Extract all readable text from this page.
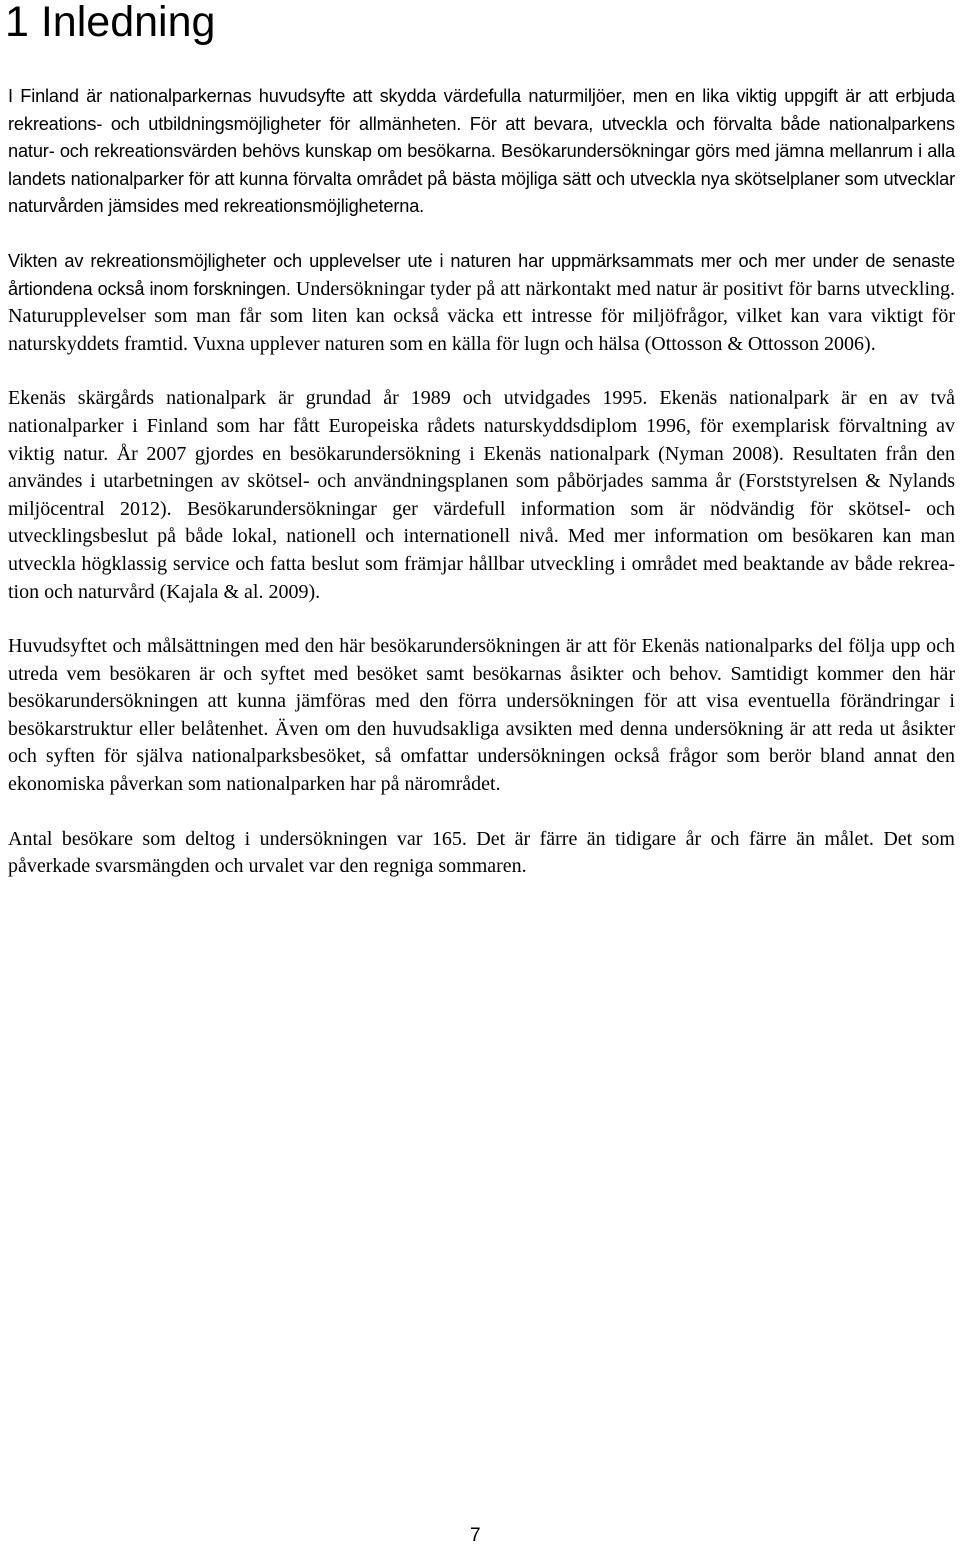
1 Inledning

I Finland är nationalparkernas huvudsyfte att skydda värdefulla naturmiljöer, men en lika viktig uppgift är att erbjuda rekreations- och utbildningsmöjligheter för allmänheten. För att bevara, utveckla och förvalta både nationalparkens natur- och rekreationsvärden behövs kunskap om besökarna. Besökarundersökningar görs med jämna mellanrum i alla landets nationalparker för att kunna förvalta området på bästa möjliga sätt och utveckla nya skötselplaner som utvecklar naturvården jämsides med rekreationsmöjligheterna.

Vikten av rekreationsmöjligheter och upplevelser ute i naturen har uppmärksammats mer och mer under de senaste årtiondena också inom forskningen. Undersökningar tyder på att närkontakt med natur är positivt för barns utveckling. Naturupplevelser som man får som liten kan också väcka ett intresse för miljöfrågor, vilket kan vara viktigt för naturskyddets framtid. Vuxna upplever naturen som en källa för lugn och hälsa (Ottosson & Ottosson 2006).

Ekenäs skärgårds nationalpark är grundad år 1989 och utvidgades 1995. Ekenäs nationalpark är en av två nationalparker i Finland som har fått Europeiska rådets naturskyddsdiplom 1996, för exemplarisk förvaltning av viktig natur. År 2007 gjordes en besökarundersökning i Ekenäs nationalpark (Nyman 2008). Resultaten från den användes i utarbetningen av skötsel- och användningsplanen som påbörjades samma år (Forststyrelsen & Nylands miljöcentral 2012). Besökarundersökningar ger värdefull information som är nödvändig för skötsel- och utvecklingsbeslut på både lokal, nationell och internationell nivå. Med mer information om besökaren kan man utveckla högklassig service och fatta beslut som främjar hållbar utveckling i området med beaktande av både rekreation och naturvård (Kajala & al. 2009).

Huvudsyftet och målsättningen med den här besökarundersökningen är att för Ekenäs nationalparks del följa upp och utreda vem besökaren är och syftet med besöket samt besökarnas åsikter och behov. Samtidigt kommer den här besökarundersökningen att kunna jämföras med den förra undersökningen för att visa eventuella förändringar i besökarstruktur eller belåtenhet. Även om den huvudsakliga avsikten med denna undersökning är att reda ut åsikter och syften för själva nationalparksbesöket, så omfattar undersökningen också frågor som berör bland annat den ekonomiska påverkan som nationalparken har på närområdet.

Antal besökare som deltog i undersökningen var 165. Det är färre än tidigare år och färre än målet. Det som påverkade svarsmängden och urvalet var den regniga sommaren.

7
